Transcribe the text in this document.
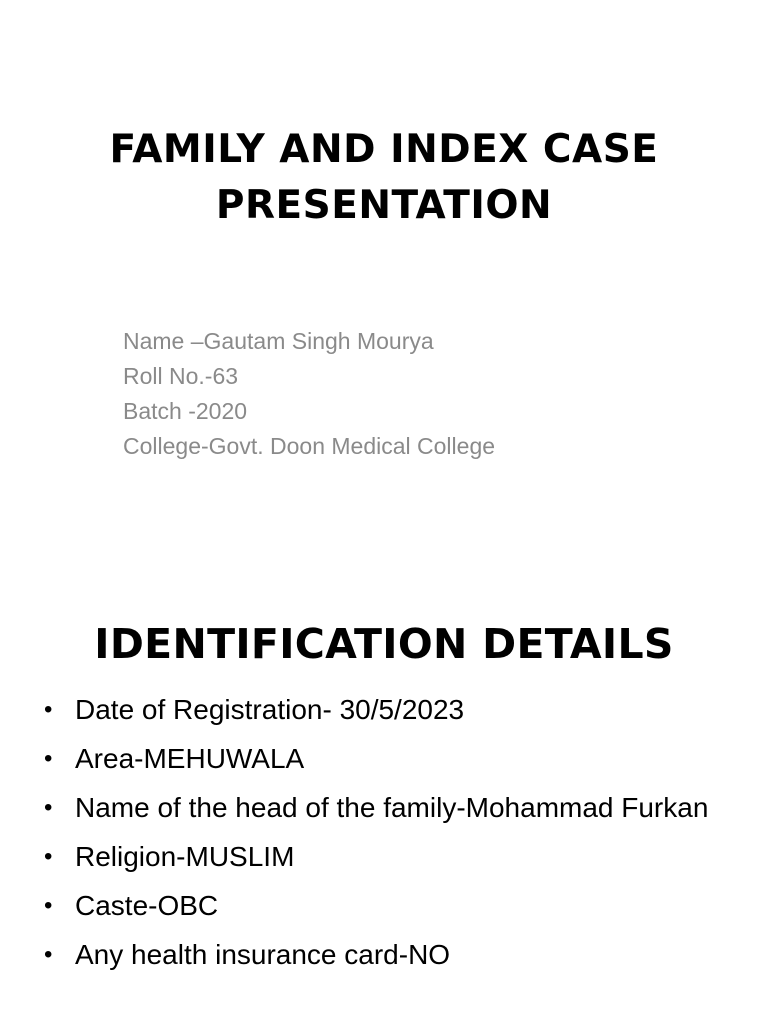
FAMILY AND INDEX CASE
PRESENTATION
Name –Gautam Singh Mourya
Roll No.-63
Batch -2020
College-Govt. Doon Medical College
IDENTIFICATION DETAILS
• Date of Registration- 30/5/2023
• Area-MEHUWALA
• Name of the head of the family-Mohammad Furkan
• Religion-MUSLIM
• Caste-OBC
• Any health insurance card-NO
